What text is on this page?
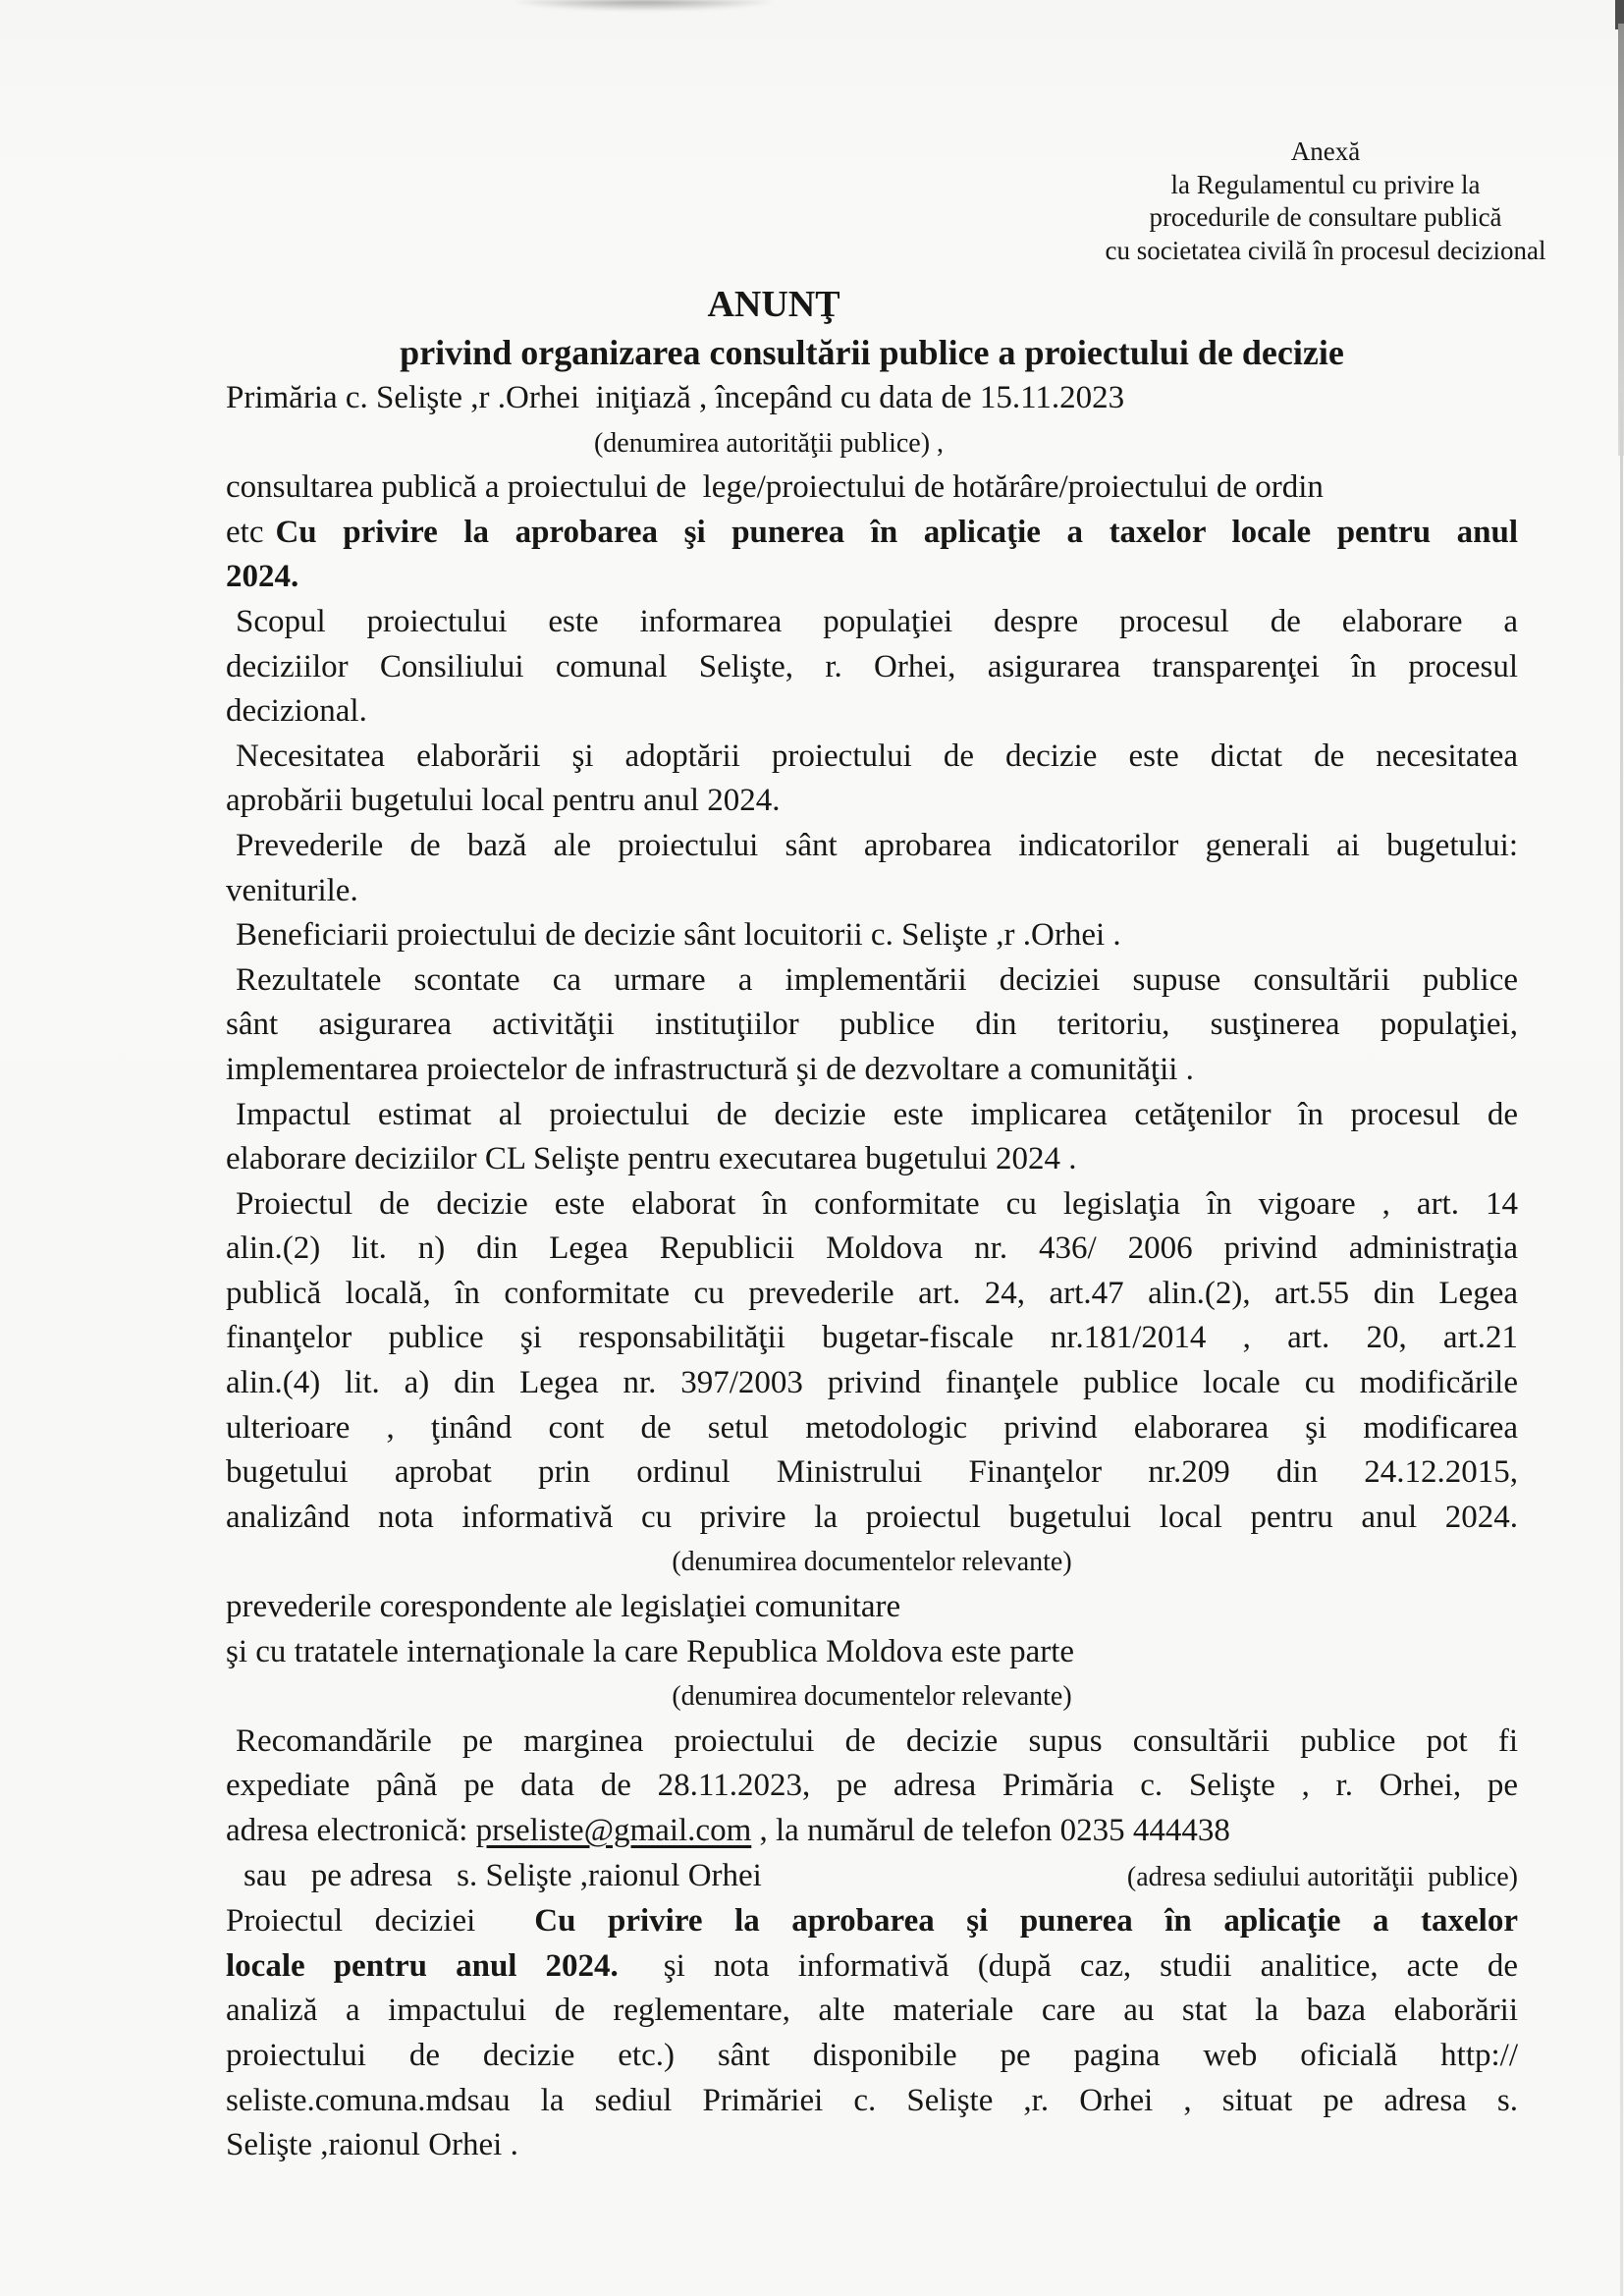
Anexă
la Regulamentul cu privire la
procedurile de consultare publică
cu societatea civilă în procesul decizional
ANUNŢ
privind organizarea consultării publice a proiectului de decizie
Primăria c. Selişte ,r .Orhei  iniţiază , începând cu data de 15.11.2023
(denumirea autorităţii publice) ,
consultarea publică a proiectului de  lege/proiectului de hotărâre/proiectului de ordin
etc Cu privire la aprobarea şi punerea în aplicaţie a taxelor locale pentru anul
2024.
Scopul proiectului este informarea populaţiei despre procesul de elaborare a
deciziilor Consiliului comunal Selişte, r. Orhei, asigurarea transparenţei în procesul
decizional.
Necesitatea elaborării şi adoptării proiectului de decizie este dictat de necesitatea
aprobării bugetului local pentru anul 2024.
Prevederile de bază ale proiectului sânt aprobarea indicatorilor generali ai bugetului:
veniturile.
Beneficiarii proiectului de decizie sânt locuitorii c. Selişte ,r .Orhei .
Rezultatele scontate ca urmare a implementării deciziei supuse consultării publice
sânt asigurarea activităţii instituţiilor publice din teritoriu, susţinerea populaţiei,
implementarea proiectelor de infrastructură şi de dezvoltare a comunităţii .
Impactul estimat al proiectului de decizie este implicarea cetăţenilor în procesul de
elaborare deciziilor CL Selişte pentru executarea bugetului 2024 .
Proiectul de decizie este elaborat în conformitate cu legislaţia în vigoare , art. 14
alin.(2) lit. n) din Legea Republicii Moldova nr. 436/ 2006 privind administraţia
publică locală, în conformitate cu prevederile art. 24, art.47 alin.(2), art.55 din Legea
finanţelor publice şi responsabilităţii bugetar-fiscale nr.181/2014 , art. 20, art.21
alin.(4) lit. a) din Legea nr. 397/2003 privind finanţele publice locale cu modificările
ulterioare , ţinând cont de setul metodologic privind elaborarea şi modificarea
bugetului aprobat prin ordinul Ministrului Finanţelor nr.209 din 24.12.2015,
analizând nota informativă cu privire la proiectul bugetului local pentru anul 2024.
(denumirea documentelor relevante)
prevederile corespondente ale legislaţiei comunitare
şi cu tratatele internaţionale la care Republica Moldova este parte
(denumirea documentelor relevante)
Recomandările pe marginea proiectului de decizie supus consultării publice pot fi
expediate până pe data de 28.11.2023, pe adresa Primăria c. Selişte , r. Orhei, pe
adresa electronică: prseliste@gmail.com , la numărul de telefon 0235 444438
sau   pe adresa   s. Selişte ,raionul Orhei	(adresa sediului autorităţii  publice)
Proiectul deciziei Cu privire la aprobarea şi punerea în aplicaţie a taxelor
locale pentru anul 2024. şi nota informativă (după caz, studii analitice, acte de
analiză a impactului de reglementare, alte materiale care au stat la baza elaborării
proiectului de decizie etc.) sânt disponibile pe pagina web oficială http://
seliste.comuna.mdsau la sediul Primăriei c. Selişte ,r. Orhei , situat pe adresa s.
Selişte ,raionul Orhei .
